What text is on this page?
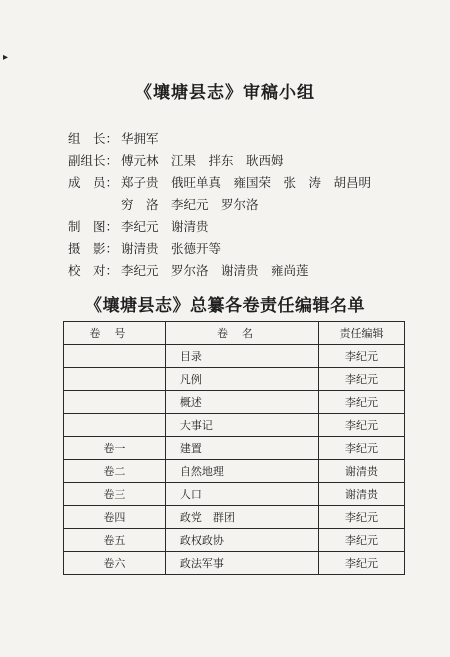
▸
《壤塘县志》审稿小组
组　长： 华拥军
副组长： 傅元林　江果　拌东　耿西姆
成　员： 郑子贵　俄旺单真　雍国荣　张　涛　胡昌明
穷　洛　李纪元　罗尔洛
制　图： 李纪元　谢清贵
摄　影： 谢清贵　张德开等
校　对： 李纪元　罗尔洛　谢清贵　雍尚莲
《壤塘县志》总纂各卷责任编辑名单
卷号	卷名	责任编辑
	目录	李纪元
	凡例	李纪元
	概述	李纪元
	大事记	李纪元
卷一	建置	李纪元
卷二	自然地理	谢清贵
卷三	人口	谢清贵
卷四	政党　群团	李纪元
卷五	政权政协	李纪元
卷六	政法军事	李纪元
